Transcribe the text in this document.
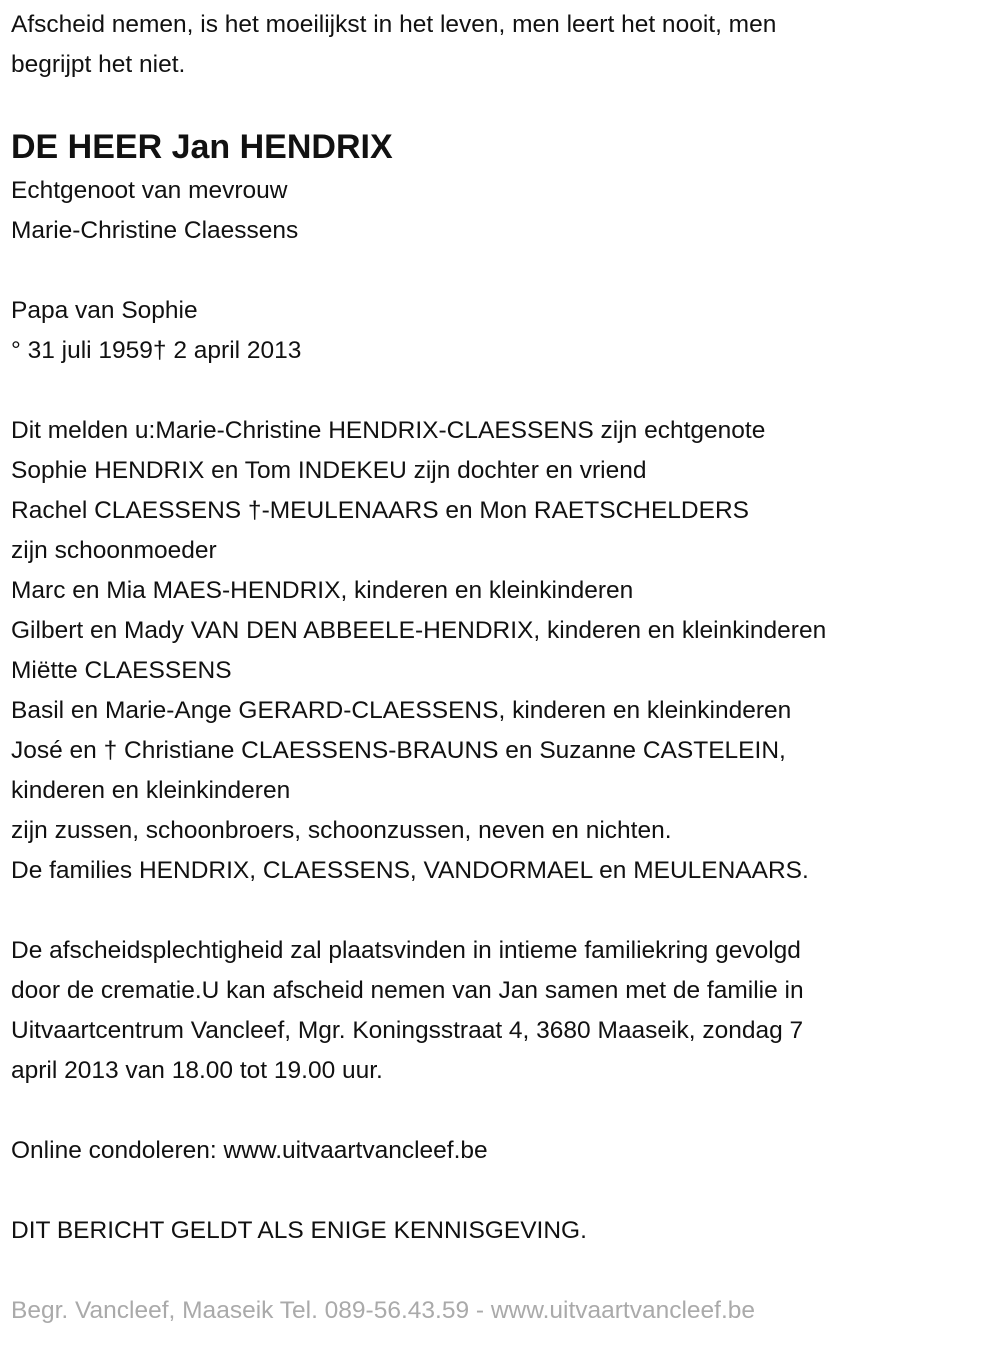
Afscheid nemen, is het moeilijkst in het leven, men leert het nooit, men
begrijpt het niet.
DE HEER Jan HENDRIX
Echtgenoot van mevrouw
Marie-Christine Claessens
Papa van Sophie
° 31 juli 1959† 2 april 2013
Dit melden u:Marie-Christine HENDRIX-CLAESSENS zijn echtgenote
Sophie HENDRIX en Tom INDEKEU zijn dochter en vriend
Rachel CLAESSENS †-MEULENAARS en Mon RAETSCHELDERS
zijn schoonmoeder
Marc en Mia MAES-HENDRIX, kinderen en kleinkinderen
Gilbert en Mady VAN DEN ABBEELE-HENDRIX, kinderen en kleinkinderen
Miëtte CLAESSENS
Basil en Marie-Ange GERARD-CLAESSENS, kinderen en kleinkinderen
José en † Christiane CLAESSENS-BRAUNS en Suzanne CASTELEIN,
kinderen en kleinkinderen
zijn zussen, schoonbroers, schoonzussen, neven en nichten.
De families HENDRIX, CLAESSENS, VANDORMAEL en MEULENAARS.
De afscheidsplechtigheid zal plaatsvinden in intieme familiekring gevolgd
door de crematie.U kan afscheid nemen van Jan samen met de familie in
Uitvaartcentrum Vancleef, Mgr. Koningsstraat 4, 3680 Maaseik, zondag 7
april 2013 van 18.00 tot 19.00 uur.
Online condoleren: www.uitvaartvancleef.be
DIT BERICHT GELDT ALS ENIGE KENNISGEVING.
Begr. Vancleef, Maaseik Tel. 089-56.43.59 - www.uitvaartvancleef.be
